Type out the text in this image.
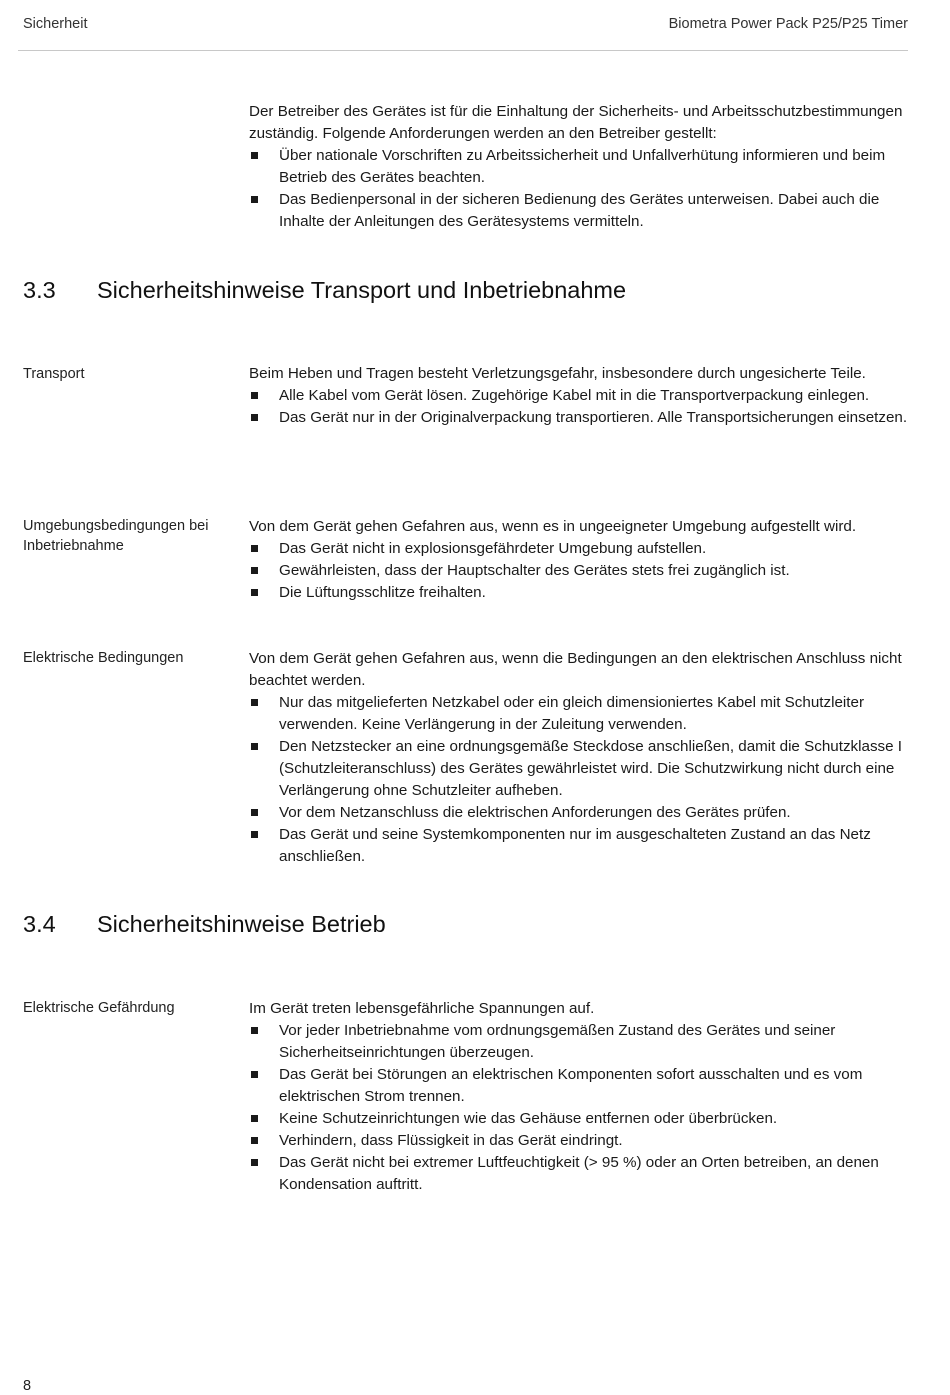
Sicherheit	Biometra Power Pack P25/P25 Timer

Der Betreiber des Gerätes ist für die Einhaltung der Sicherheits- und Arbeitsschutzbestimmungen zuständig. Folgende Anforderungen werden an den Betreiber gestellt:

Über nationale Vorschriften zu Arbeitssicherheit und Unfallverhütung informieren und beim Betrieb des Gerätes beachten.
Das Bedienpersonal in der sicheren Bedienung des Gerätes unterweisen. Dabei auch die Inhalte der Anleitungen des Gerätesystems vermitteln.
3.3 Sicherheitshinweise Transport und Inbetriebnahme
Transport	Beim Heben und Tragen besteht Verletzungsgefahr, insbesondere durch ungesicherte Teile.

Alle Kabel vom Gerät lösen. Zugehörige Kabel mit in die Transportverpackung einlegen.
Das Gerät nur in der Originalverpackung transportieren. Alle Transportsicherungen einsetzen.
Umgebungsbedingungen bei Inbetriebnahme

Von dem Gerät gehen Gefahren aus, wenn es in ungeeigneter Umgebung aufgestellt wird.

Das Gerät nicht in explosionsgefährdeter Umgebung aufstellen.
Gewährleisten, dass der Hauptschalter des Gerätes stets frei zugänglich ist.
Die Lüftungsschlitze freihalten.
Elektrische Bedingungen	Von dem Gerät gehen Gefahren aus, wenn die Bedingungen an den elektrischen Anschluss nicht beachtet werden.

Nur das mitgelieferten Netzkabel oder ein gleich dimensioniertes Kabel mit Schutzleiter verwenden. Keine Verlängerung in der Zuleitung verwenden.
Den Netzstecker an eine ordnungsgemäße Steckdose anschließen, damit die Schutzklasse I (Schutzleiteranschluss) des Gerätes gewährleistet wird. Die Schutzwirkung nicht durch eine Verlängerung ohne Schutzleiter aufheben.
Vor dem Netzanschluss die elektrischen Anforderungen des Gerätes prüfen.
Das Gerät und seine Systemkomponenten nur im ausgeschalteten Zustand an das Netz anschließen.
3.4 Sicherheitshinweise Betrieb
Elektrische Gefährdung	Im Gerät treten lebensgefährliche Spannungen auf.

Vor jeder Inbetriebnahme vom ordnungsgemäßen Zustand des Gerätes und seiner Sicherheitseinrichtungen überzeugen.
Das Gerät bei Störungen an elektrischen Komponenten sofort ausschalten und es vom elektrischen Strom trennen.
Keine Schutzeinrichtungen wie das Gehäuse entfernen oder überbrücken.
Verhindern, dass Flüssigkeit in das Gerät eindringt.
Das Gerät nicht bei extremer Luftfeuchtigkeit (> 95 %) oder an Orten betreiben, an denen Kondensation auftritt.
8
